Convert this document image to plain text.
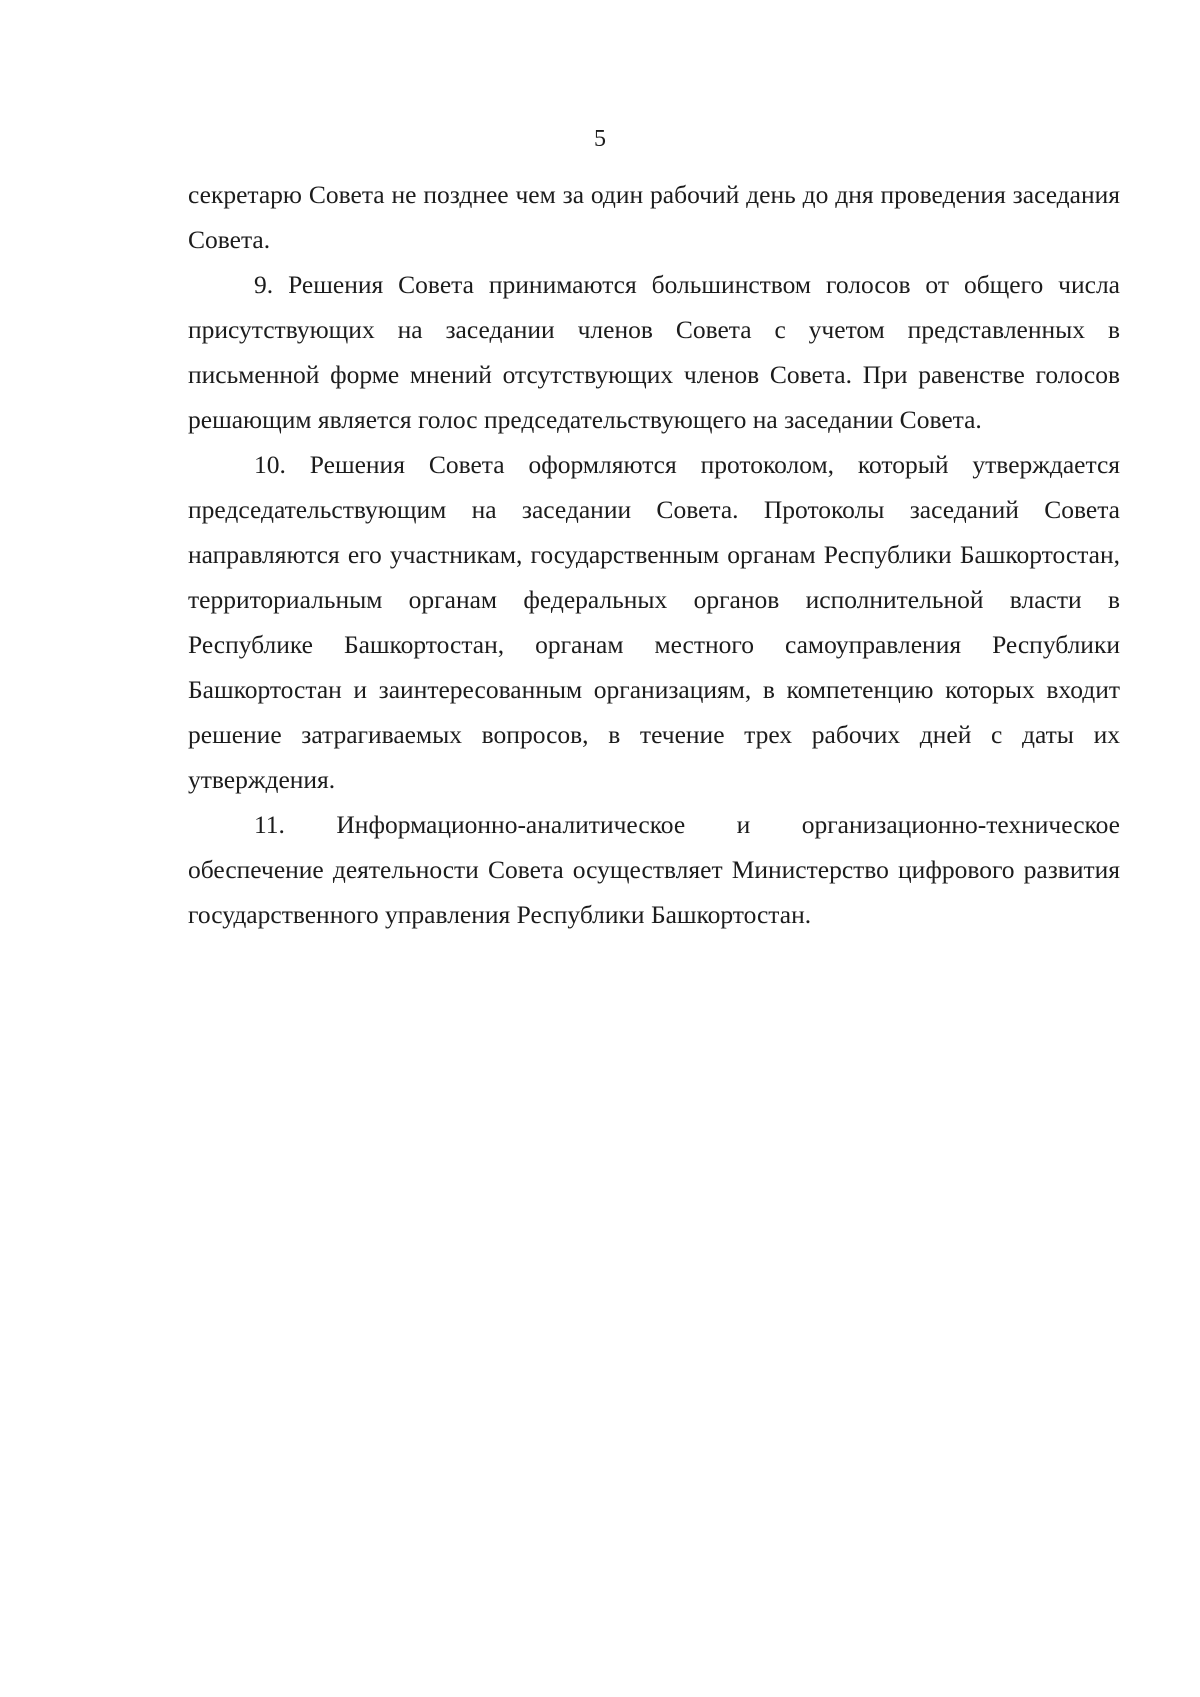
5

секретарю Совета не позднее чем за один рабочий день до дня проведения заседания Совета.

9. Решения Совета принимаются большинством голосов от общего числа присутствующих на заседании членов Совета с учетом представленных в письменной форме мнений отсутствующих членов Совета. При равенстве голосов решающим является голос председательствующего на заседании Совета.

10. Решения Совета оформляются протоколом, который утверждается председательствующим на заседании Совета. Протоколы заседаний Совета направляются его участникам, государственным органам Республики Башкортостан, территориальным органам федеральных органов исполнительной власти в Республике Башкортостан, органам местного самоуправления Республики Башкортостан и заинтересованным организациям, в компетенцию которых входит решение затрагиваемых вопросов, в течение трех рабочих дней с даты их утверждения.

11. Информационно-аналитическое и организационно-техническое обеспечение деятельности Совета осуществляет Министерство цифрового развития государственного управления Республики Башкортостан.
